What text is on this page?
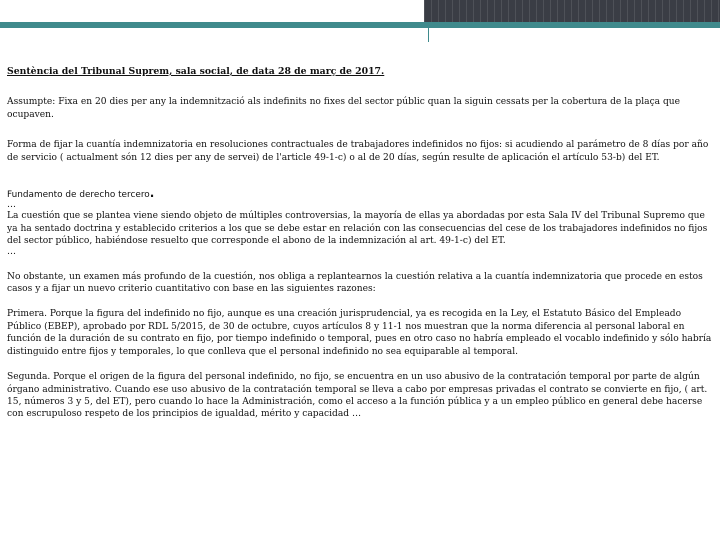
Sentència del Tribunal Suprem, sala social, de data 28 de març de 2017.

Assumpte: Fixa en 20 dies per any la indemnització als indefinits no fixes del sector públic quan la siguin cessats per la cobertura de la plaça que ocupaven.

Forma de fijar la cuantía indemnizatoria en resoluciones contractuales de trabajadores indefinidos no fijos: si acudiendo al parámetro de 8 días por año de servicio ( actualment són 12 dies per any de servei) de l'article 49-1-c) o al de 20 días, según resulte de aplicación el artículo 53-b) del ET.

Fundamento de derecho tercero.

…

La cuestión que se plantea viene siendo objeto de múltiples controversias, la mayoría de ellas ya abordadas por esta Sala IV del Tribunal Supremo que ya ha sentado doctrina y establecido criterios a los que se debe estar en relación con las consecuencias del cese de los trabajadores indefinidos no fijos del sector público, habiéndose resuelto que corresponde el abono de la indemnización al art. 49-1-c) del ET.

…

No obstante, un examen más profundo de la cuestión, nos obliga a replantearnos la cuestión relativa a la cuantía indemnizatoria que procede en estos casos y a fijar un nuevo criterio cuantitativo con base en las siguientes razones:

Primera. Porque la figura del indefinido no fijo, aunque es una creación jurisprudencial, ya es recogida en la Ley, el Estatuto Básico del Empleado Público (EBEP), aprobado por RDL 5/2015, de 30 de octubre, cuyos artículos 8 y 11-1 nos muestran que la norma diferencia al personal laboral en función de la duración de su contrato en fijo, por tiempo indefinido o temporal, pues en otro caso no habría empleado el vocablo indefinido y sólo habría distinguido entre fijos y temporales, lo que conlleva que el personal indefinido no sea equiparable al temporal.

Segunda. Porque el origen de la figura del personal indefinido, no fijo, se encuentra en un uso abusivo de la contratación temporal por parte de algún órgano administrativo. Cuando ese uso abusivo de la contratación temporal se lleva a cabo por empresas privadas el contrato se convierte en fijo, ( art. 15, números 3 y 5, del ET), pero cuando lo hace la Administración, como el acceso a la función pública y a un empleo público en general debe hacerse con escrupuloso respeto de los principios de igualdad, mérito y capacidad …
